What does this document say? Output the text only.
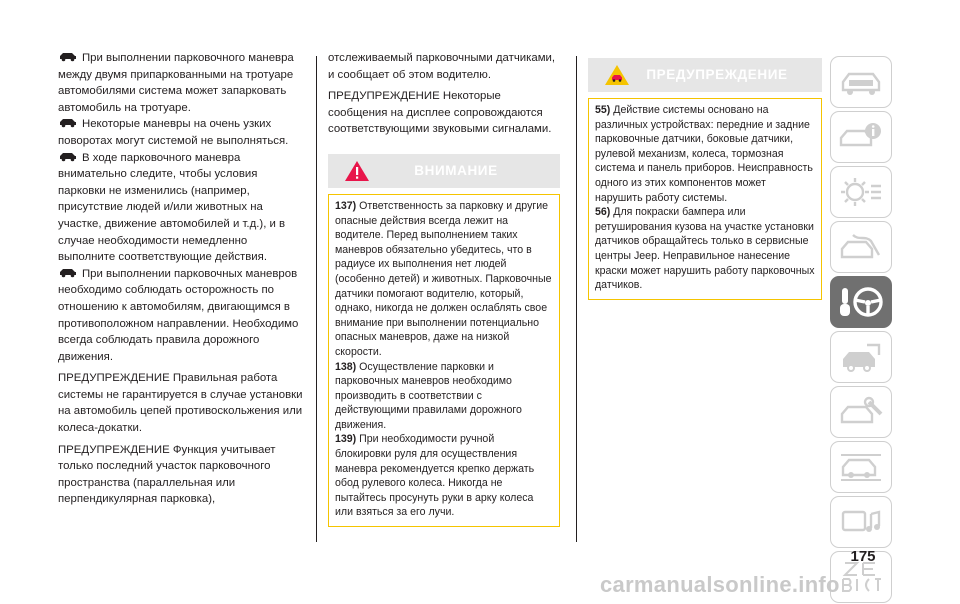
При выполнении парковочного маневра между двумя припаркованными на тротуаре автомобилями система может запарковать автомобиль на тротуаре.

Некоторые маневры на очень узких поворотах могут системой не выполняться.

В ходе парковочного маневра внимательно следите, чтобы условия парковки не изменились (например, присутствие людей и/или животных на участке, движение автомобилей и т.д.), и в случае необходимости немедленно выполните соответствующие действия.

При выполнении парковочных маневров необходимо соблюдать осторожность по отношению к автомобилям, двигающимся в противоположном направлении. Необходимо всегда соблюдать правила дорожного движения.

ПРЕДУПРЕЖДЕНИЕ Правильная работа системы не гарантируется в случае установки на автомобиль цепей противоскольжения или колеса-докатки.

ПРЕДУПРЕЖДЕНИЕ Функция учитывает только последний участок парковочного пространства (параллельная или перпендикулярная парковка),

отслеживаемый парковочными датчиками, и сообщает об этом водителю.

ПРЕДУПРЕЖДЕНИЕ Некоторые сообщения на дисплее сопровождаются соответствующими звуковыми сигналами.

ВНИМАНИЕ

137) Ответственность за парковку и другие опасные действия всегда лежит на водителе. Перед выполнением таких маневров обязательно убедитесь, что в радиусе их выполнения нет людей (особенно детей) и животных. Парковочные датчики помогают водителю, который, однако, никогда не должен ослаблять свое внимание при выполнении потенциально опасных маневров, даже на низкой скорости.

138) Осуществление парковки и парковочных маневров необходимо производить в соответствии с действующими правилами дорожного движения.

139) При необходимости ручной блокировки руля для осуществления маневра рекомендуется крепко держать обод рулевого колеса. Никогда не пытайтесь просунуть руки в арку колеса или взяться за его лучи.

ПРЕДУПРЕЖДЕНИЕ

55) Действие системы основано на различных устройствах: передние и задние парковочные датчики, боковые датчики, рулевой механизм, колеса, тормозная система и панель приборов. Неисправность одного из этих компонентов может нарушить работу системы.

56) Для покраски бампера или ретуширования кузова на участке установки датчиков обращайтесь только в сервисные центры Jeep. Неправильное нанесение краски может нарушить работу парковочных датчиков.

175
carmanualsonline.info
